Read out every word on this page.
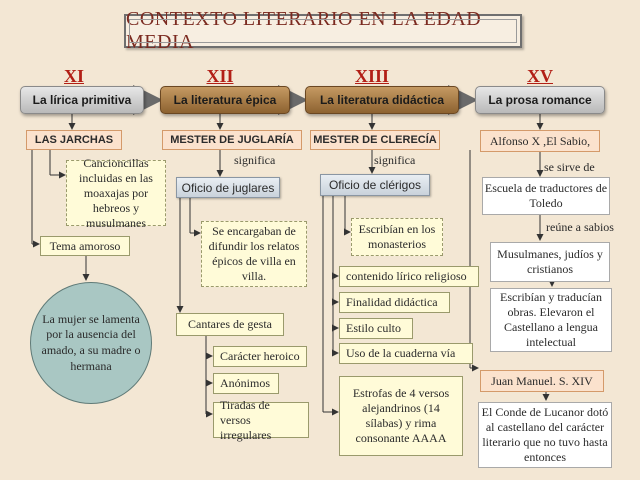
CONTEXTO LITERARIO EN LA EDAD MEDIA
XI	XII	XIII	XV
La lírica primitiva	La literatura épica	La literatura didáctica	La prosa romance
LAS JARCHAS
Cancioncillas incluidas en las moaxajas por hebreos y musulmanes
Tema amoroso
La mujer se lamenta por la ausencia del amado, a su madre o hermana
MESTER DE JUGLARÍA
significa
Oficio de juglares
Se encargaban de difundir los relatos épicos de villa en villa.
Cantares de gesta
Carácter heroico
Anónimos
Tiradas de versos irregulares
MESTER DE CLERECÍA
significa
Oficio de clérigos
Escribían en los monasterios
contenido lírico religioso
Finalidad didáctica
Estilo culto
Uso de la cuaderna vía
Estrofas de 4 versos alejandrinos (14 sílabas) y rima consonante AAAA
Alfonso X ,El Sabio,
se sirve de
Escuela de traductores de Toledo
reúne a sabios
Musulmanes, judíos y cristianos
Escribían y traducían obras. Elevaron el Castellano a lengua intelectual
Juan Manuel. S. XIV
El Conde de Lucanor dotó al castellano del carácter literario que no tuvo hasta entonces
